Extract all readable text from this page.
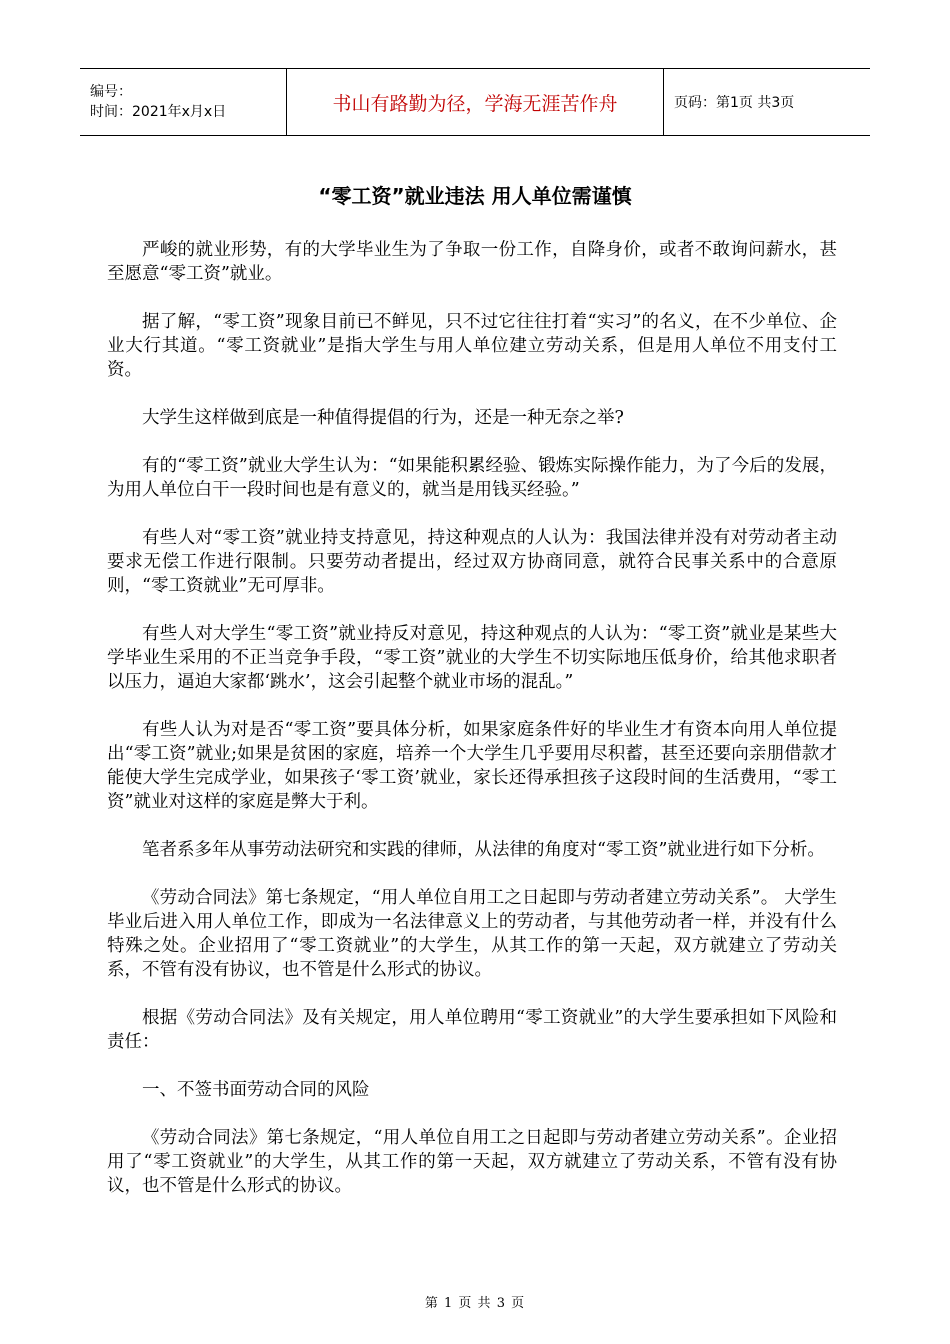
编号：
时间：2021年x月x日	书山有路勤为径，学海无涯苦作舟	页码：第1页 共3页
“零工资”就业违法 用人单位需谨慎

严峻的就业形势，有的大学毕业生为了争取一份工作，自降身价，或者不敢询问薪水，甚至愿意“零工资”就业。

据了解，“零工资”现象目前已不鲜见，只不过它往往打着“实习”的名义，在不少单位、企业大行其道。“零工资就业”是指大学生与用人单位建立劳动关系，但是用人单位不用支付工资。

大学生这样做到底是一种值得提倡的行为，还是一种无奈之举?

有的“零工资”就业大学生认为：“如果能积累经验、锻炼实际操作能力，为了今后的发展，为用人单位白干一段时间也是有意义的，就当是用钱买经验。”

有些人对“零工资”就业持支持意见，持这种观点的人认为：我国法律并没有对劳动者主动要求无偿工作进行限制。只要劳动者提出，经过双方协商同意，就符合民事关系中的合意原则，“零工资就业”无可厚非。

有些人对大学生“零工资”就业持反对意见，持这种观点的人认为：“零工资”就业是某些大学毕业生采用的不正当竞争手段，“零工资”就业的大学生不切实际地压低身价，给其他求职者以压力，逼迫大家都‘跳水’，这会引起整个就业市场的混乱。”

有些人认为对是否“零工资”要具体分析，如果家庭条件好的毕业生才有资本向用人单位提出“零工资”就业;如果是贫困的家庭，培养一个大学生几乎要用尽积蓄，甚至还要向亲朋借款才能使大学生完成学业，如果孩子‘零工资’就业，家长还得承担孩子这段时间的生活费用，“零工资”就业对这样的家庭是弊大于利。

笔者系多年从事劳动法研究和实践的律师，从法律的角度对“零工资”就业进行如下分析。

《劳动合同法》第七条规定，“用人单位自用工之日起即与劳动者建立劳动关系”。 大学生毕业后进入用人单位工作，即成为一名法律意义上的劳动者，与其他劳动者一样，并没有什么特殊之处。企业招用了“零工资就业”的大学生，从其工作的第一天起，双方就建立了劳动关系，不管有没有协议，也不管是什么形式的协议。

根据《劳动合同法》及有关规定，用人单位聘用“零工资就业”的大学生要承担如下风险和责任：

一、不签书面劳动合同的风险

《劳动合同法》第七条规定，“用人单位自用工之日起即与劳动者建立劳动关系”。企业招用了“零工资就业”的大学生，从其工作的第一天起，双方就建立了劳动关系，不管有没有协议，也不管是什么形式的协议。

第 1 页 共 3 页
